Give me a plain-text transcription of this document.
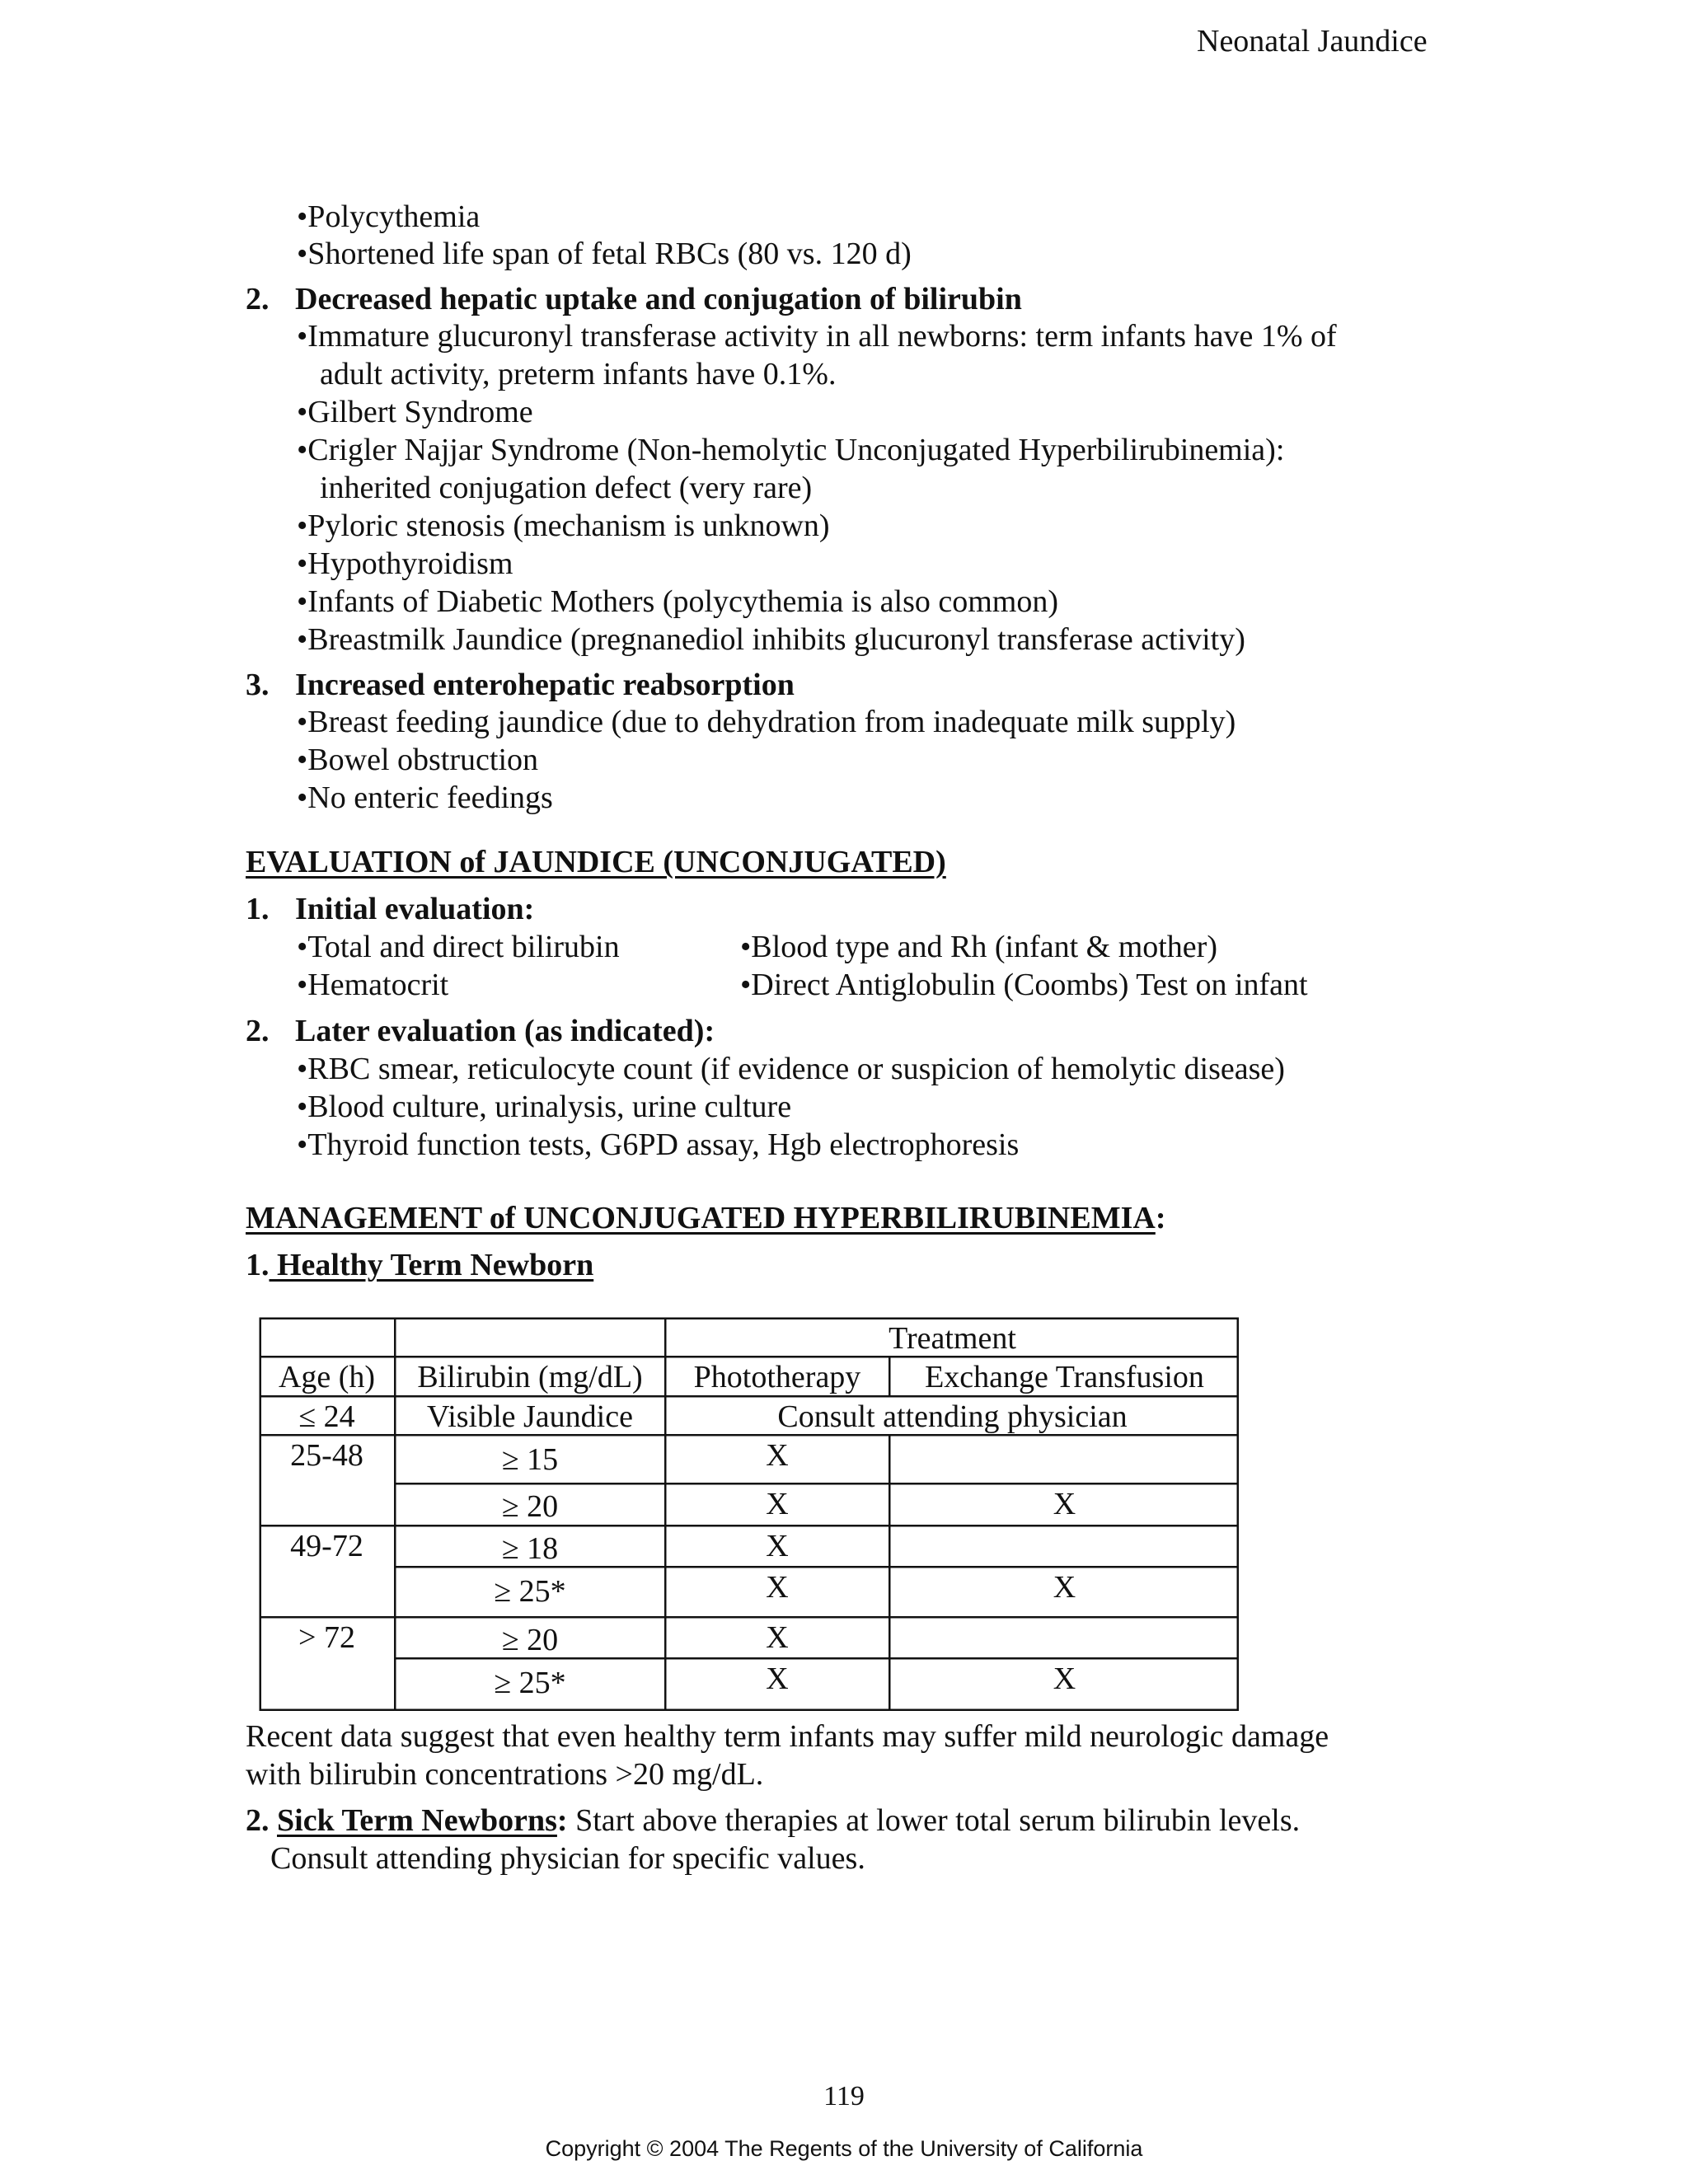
Neonatal Jaundice
•Polycythemia
•Shortened life span of fetal RBCs (80 vs. 120 d)
2. Decreased hepatic uptake and conjugation of bilirubin
•Immature glucuronyl transferase activity in all newborns: term infants have 1% of
adult activity, preterm infants have 0.1%.
•Gilbert Syndrome
•Crigler Najjar Syndrome (Non-hemolytic Unconjugated Hyperbilirubinemia):
inherited conjugation defect (very rare)
•Pyloric stenosis (mechanism is unknown)
•Hypothyroidism
•Infants of Diabetic Mothers (polycythemia is also common)
•Breastmilk Jaundice (pregnanediol inhibits glucuronyl transferase activity)
3. Increased enterohepatic reabsorption
•Breast feeding jaundice (due to dehydration from inadequate milk supply)
•Bowel obstruction
•No enteric feedings
EVALUATION of JAUNDICE (UNCONJUGATED)
1. Initial evaluation:
•Total and direct bilirubin
•Hematocrit
•Blood type and Rh (infant & mother)
•Direct Antiglobulin (Coombs) Test on infant
2. Later evaluation (as indicated):
•RBC smear, reticulocyte count (if evidence or suspicion of hemolytic disease)
•Blood culture, urinalysis, urine culture
•Thyroid function tests, G6PD assay, Hgb electrophoresis
MANAGEMENT of UNCONJUGATED HYPERBILIRUBINEMIA:
1. Healthy Term Newborn
Treatment
Age (h)	Bilirubin (mg/dL)	Phototherapy	Exchange Transfusion
≤ 24	Visible Jaundice	Consult attending physician
25-48	≥ 15	X
≥ 20	X	X
49-72	≥ 18	X
≥ 25*	X	X
> 72	≥ 20	X
≥ 25*	X	X
Recent data suggest that even healthy term infants may suffer mild neurologic damage
with bilirubin concentrations >20 mg/dL.
2. Sick Term Newborns: Start above therapies at lower total serum bilirubin levels.
Consult attending physician for specific values.
119
Copyright © 2004 The Regents of the University of California
